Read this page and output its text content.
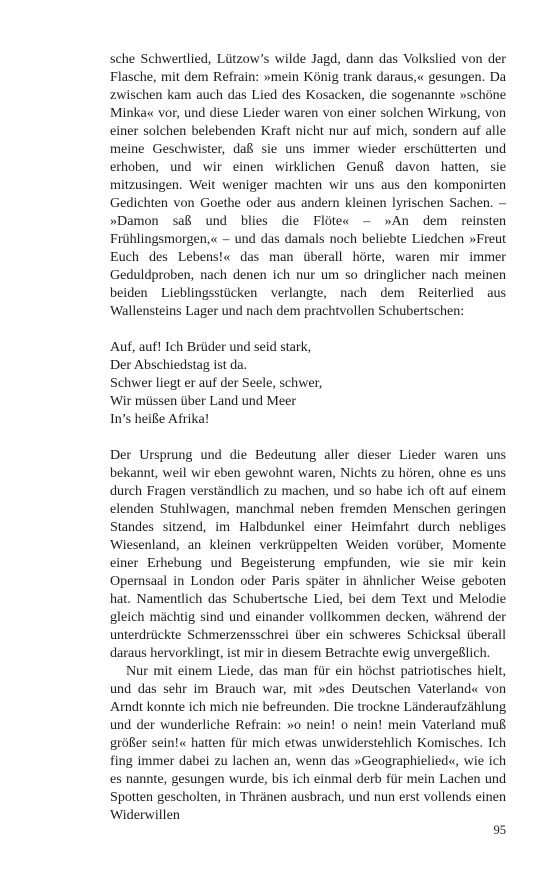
sche Schwertlied, Lützow’s wilde Jagd, dann das Volkslied von der Flasche, mit dem Refrain: »mein König trank daraus,« gesungen. Da zwischen kam auch das Lied des Kosacken, die sogenannte »schöne Minka« vor, und diese Lieder waren von einer solchen Wirkung, von einer solchen belebenden Kraft nicht nur auf mich, sondern auf alle meine Geschwister, daß sie uns immer wieder erschütterten und erhoben, und wir einen wirklichen Genuß davon hatten, sie mitzusingen. Weit weniger machten wir uns aus den komponirten Gedichten von Goethe oder aus andern kleinen lyrischen Sachen. – »Damon saß und blies die Flöte« – »An dem reinsten Frühlingsmorgen,« – und das damals noch beliebte Liedchen »Freut Euch des Lebens!« das man überall hörte, waren mir immer Geduldproben, nach denen ich nur um so dringlicher nach meinen beiden Lieblingsstücken verlangte, nach dem Reiterlied aus Wallensteins Lager und nach dem prachtvollen Schubertschen:

Auf, auf! Ich Brüder und seid stark,
Der Abschiedstag ist da.
Schwer liegt er auf der Seele, schwer,
Wir müssen über Land und Meer
In’s heiße Afrika!

Der Ursprung und die Bedeutung aller dieser Lieder waren uns bekannt, weil wir eben gewohnt waren, Nichts zu hören, ohne es uns durch Fragen verständlich zu machen, und so habe ich oft auf einem elenden Stuhlwagen, manchmal neben fremden Menschen geringen Standes sitzend, im Halbdunkel einer Heimfahrt durch nebliges Wiesenland, an kleinen verkrüppelten Weiden vorüber, Momente einer Erhebung und Begeisterung empfunden, wie sie mir kein Opernsaal in London oder Paris später in ähnlicher Weise geboten hat. Namentlich das Schubertsche Lied, bei dem Text und Melodie gleich mächtig sind und einander vollkommen decken, während der unterdrückte Schmerzensschrei über ein schweres Schicksal überall daraus hervorklingt, ist mir in diesem Betrachte ewig unvergeßlich.

Nur mit einem Liede, das man für ein höchst patriotisches hielt, und das sehr im Brauch war, mit »des Deutschen Vaterland« von Arndt konnte ich mich nie befreunden. Die trockne Länderaufzählung und der wunderliche Refrain: »o nein! o nein! mein Vaterland muß größer sein!« hatten für mich etwas unwiderstehlich Komisches. Ich fing immer dabei zu lachen an, wenn das »Geographielied«, wie ich es nannte, gesungen wurde, bis ich einmal derb für mein Lachen und Spotten gescholten, in Thränen ausbrach, und nun erst vollends einen Widerwillen

95
